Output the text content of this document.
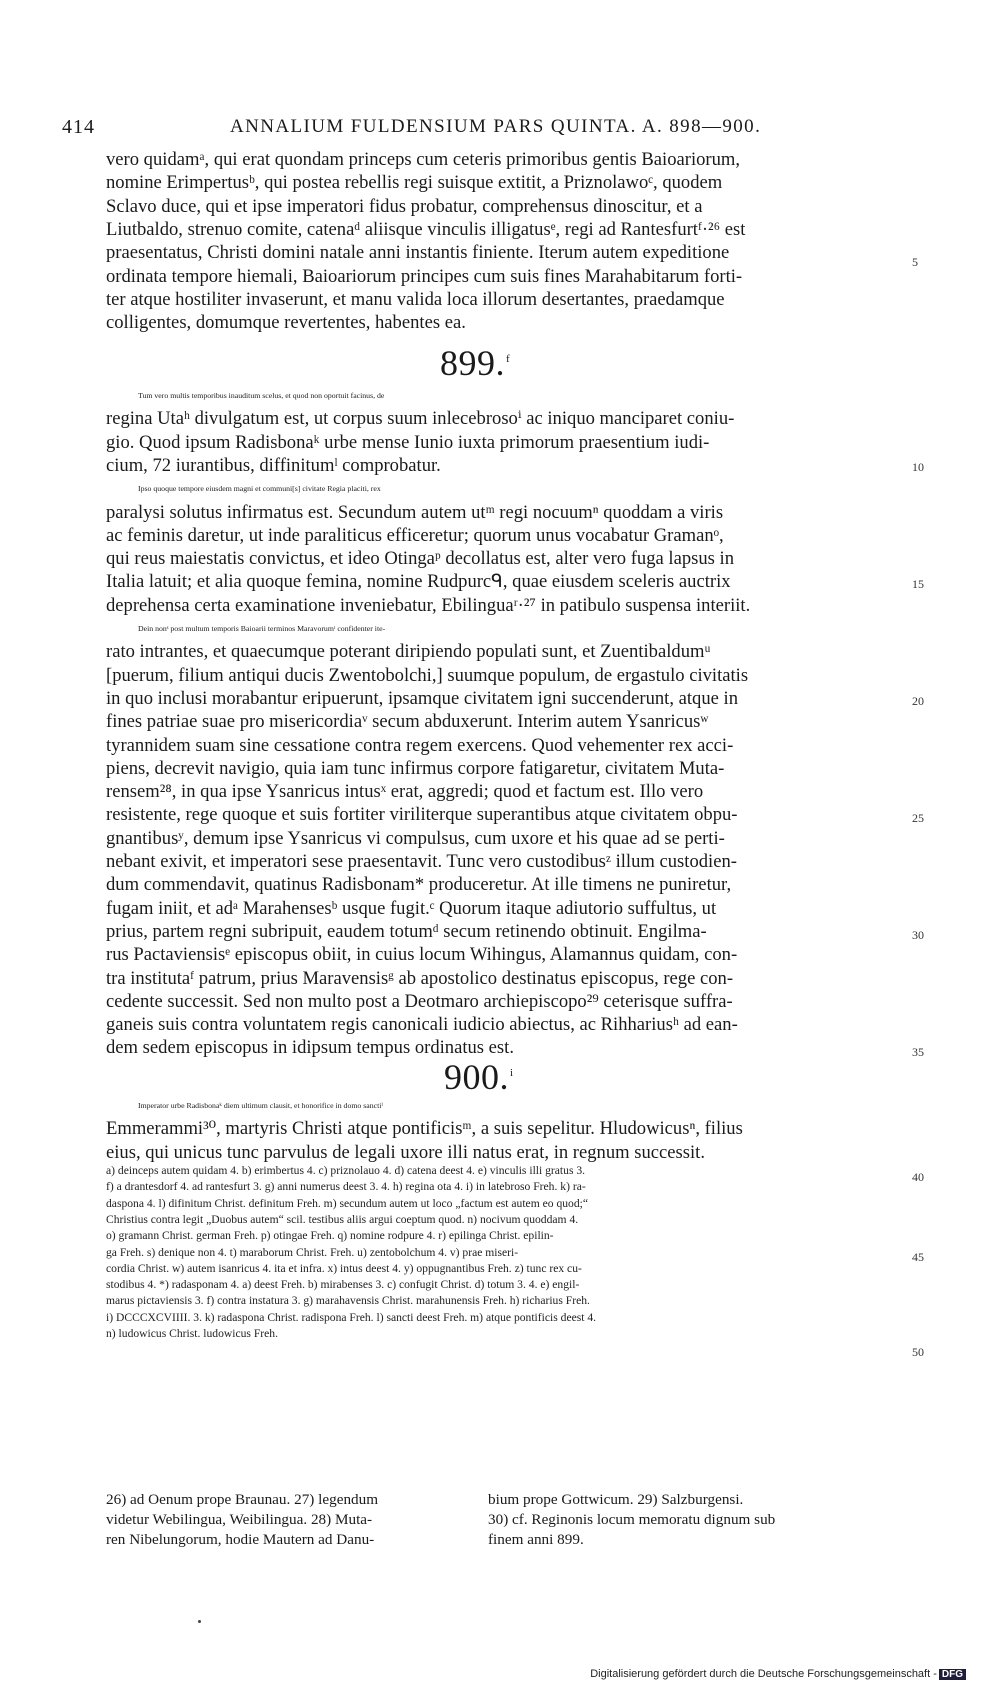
414	ANNALIUM FULDENSIUM PARS QUINTA. A. 898—900.
vero quidamᵃ, qui erat quondam princeps cum ceteris primoribus gentis Baioariorum,
nomine Erimpertusᵇ, qui postea rebellis regi suisque extitit, a Priznolawoᶜ, quodem
Sclavo duce, qui et ipse imperatori fidus probatur, comprehensus dinoscitur, et a
Liutbaldo, strenuo comite, catenaᵈ aliisque vinculis illigatusᵉ, regi ad Rantesfurtᶠ·²⁶ est
praesentatus, Christi domini natale anni instantis finiente. Iterum autem expeditione
ordinata tempore hiemali, Baioariorum principes cum suis fines Marahabitarum forti-
ter atque hostiliter invaserunt, et manu valida loca illorum desertantes, praedamque
colligentes, domumque revertentes, habentes ea.
899.$^f$
Tum vero multis temporibus inauditum scelus, et quod non oportuit facinus, de
regina Utaʰ divulgatum est, ut corpus suum inlecebrosoⁱ ac iniquo manciparet coniu-
gio. Quod ipsum Radisbonaᵏ urbe mense Iunio iuxta primorum praesentium iudi-
cium, 72 iurantibus, diffinitumˡ comprobatur.
Ipso quoque tempore eiusdem magni et communi[s] civitate Regia placiti, rex
paralysi solutus infirmatus est. Secundum autem utᵐ regi nocuumⁿ quoddam a viris
ac feminis daretur, ut inde paraliticus efficeretur; quorum unus vocabatur Gramanᵒ,
qui reus maiestatis convictus, et ideo Otingaᵖ decollatus est, alter vero fuga lapsus in
Italia latuit; et alia quoque femina, nomine Rudpurcᑫ, quae eiusdem sceleris auctrix
deprehensa certa examinatione inveniebatur, Ebilinguaʳ·²⁷ in patibulo suspensa interiit.
Dein nonˢ post multum temporis Baioarii terminos Maravorumᵗ confidenter ite-
rato intrantes, et quaecumque poterant diripiendo populati sunt, et Zuentibaldumᵘ
[puerum, filium antiqui ducis Zwentobolchi,] suumque populum, de ergastulo civitatis
in quo inclusi morabantur eripuerunt, ipsamque civitatem igni succenderunt, atque in
fines patriae suae pro misericordiaᵛ secum abduxerunt. Interim autem Ysanricusʷ
tyrannidem suam sine cessatione contra regem exercens. Quod vehementer rex acci-
piens, decrevit navigio, quia iam tunc infirmus corpore fatigaretur, civitatem Muta-
rensem²⁸, in qua ipse Ysanricus intusˣ erat, aggredi; quod et factum est. Illo vero
resistente, rege quoque et suis fortiter viriliterque superantibus atque civitatem obpu-
gnantibusʸ, demum ipse Ysanricus vi compulsus, cum uxore et his quae ad se perti-
nebant exivit, et imperatori sese praesentavit. Tunc vero custodibusᶻ illum custodien-
dum commendavit, quatinus Radisbonam* produceretur. At ille timens ne puniretur,
fugam iniit, et adᵃ Marahensesᵇ usque fugit.ᶜ Quorum itaque adiutorio suffultus, ut
prius, partem regni subripuit, eaudem totumᵈ secum retinendo obtinuit. Engilma-
rus Pactaviensisᵉ episcopus obiit, in cuius locum Wihingus, Alamannus quidam, con-
tra institutaᶠ patrum, prius Maravensisᵍ ab apostolico destinatus episcopus, rege con-
cedente successit. Sed non multo post a Deotmaro archiepiscopo²⁹ ceterisque suffra-
ganeis suis contra voluntatem regis canonicali iudicio abiectus, ac Rihhariusʰ ad ean-
dem sedem episcopus in idipsum tempus ordinatus est.
900.$^i$
Imperator urbe Radisbonaᵏ diem ultimum clausit, et honorifice in domo sanctiˡ
Emmerammi³⁰, martyris Christi atque pontificisᵐ, a suis sepelitur. Hludowicusⁿ, filius
eius, qui unicus tunc parvulus de legali uxore illi natus erat, in regnum successit.
5
10
15
20
25
30
35
40
45
50
a) deinceps autem quidam 4. b) erimbertus 4. c) priznolauo 4. d) catena deest 4. e) vinculis illi gratus 3.
f) a drantesdorf 4. ad rantesfurt 3. g) anni numerus deest 3. 4. h) regina ota 4. i) in latebroso Freh. k) ra-
daspona 4. l) difinitum Christ. definitum Freh. m) secundum autem ut loco „factum est autem eo quod;“
Christius contra legit „Duobus autem“ scil. testibus aliis argui coeptum quod. n) nocivum quoddam 4.
o) gramann Christ. german Freh. p) otingae Freh. q) nomine rodpure 4. r) epilinga Christ. epilin-
ga Freh. s) denique non 4. t) maraborum Christ. Freh. u) zentobolchum 4. v) prae miseri-
cordia Christ. w) autem isanricus 4. ita et infra. x) intus deest 4. y) oppugnantibus Freh. z) tunc rex cu-
stodibus 4. *) radasponam 4. a) deest Freh. b) mirabenses 3. c) confugit Christ. d) totum 3. 4. e) engil-
marus pictaviensis 3. f) contra instatura 3. g) marahavensis Christ. marahunensis Freh. h) richarius Freh.
i) DCCCXCVIIII. 3. k) radaspona Christ. radispona Freh. l) sancti deest Freh. m) atque pontificis deest 4.
n) ludowicus Christ. ludowicus Freh.
26) ad Oenum prope Braunau. 27) legendum
videtur Webilingua, Weibilingua. 28) Muta-
ren Nibelungorum, hodie Mautern ad Danu-
bium prope Gottwicum. 29) Salzburgensi.
30) cf. Reginonis locum memoratu dignum sub
finem anni 899.
Digitalisierung gefördert durch die Deutsche Forschungsgemeinschaft - DFG
